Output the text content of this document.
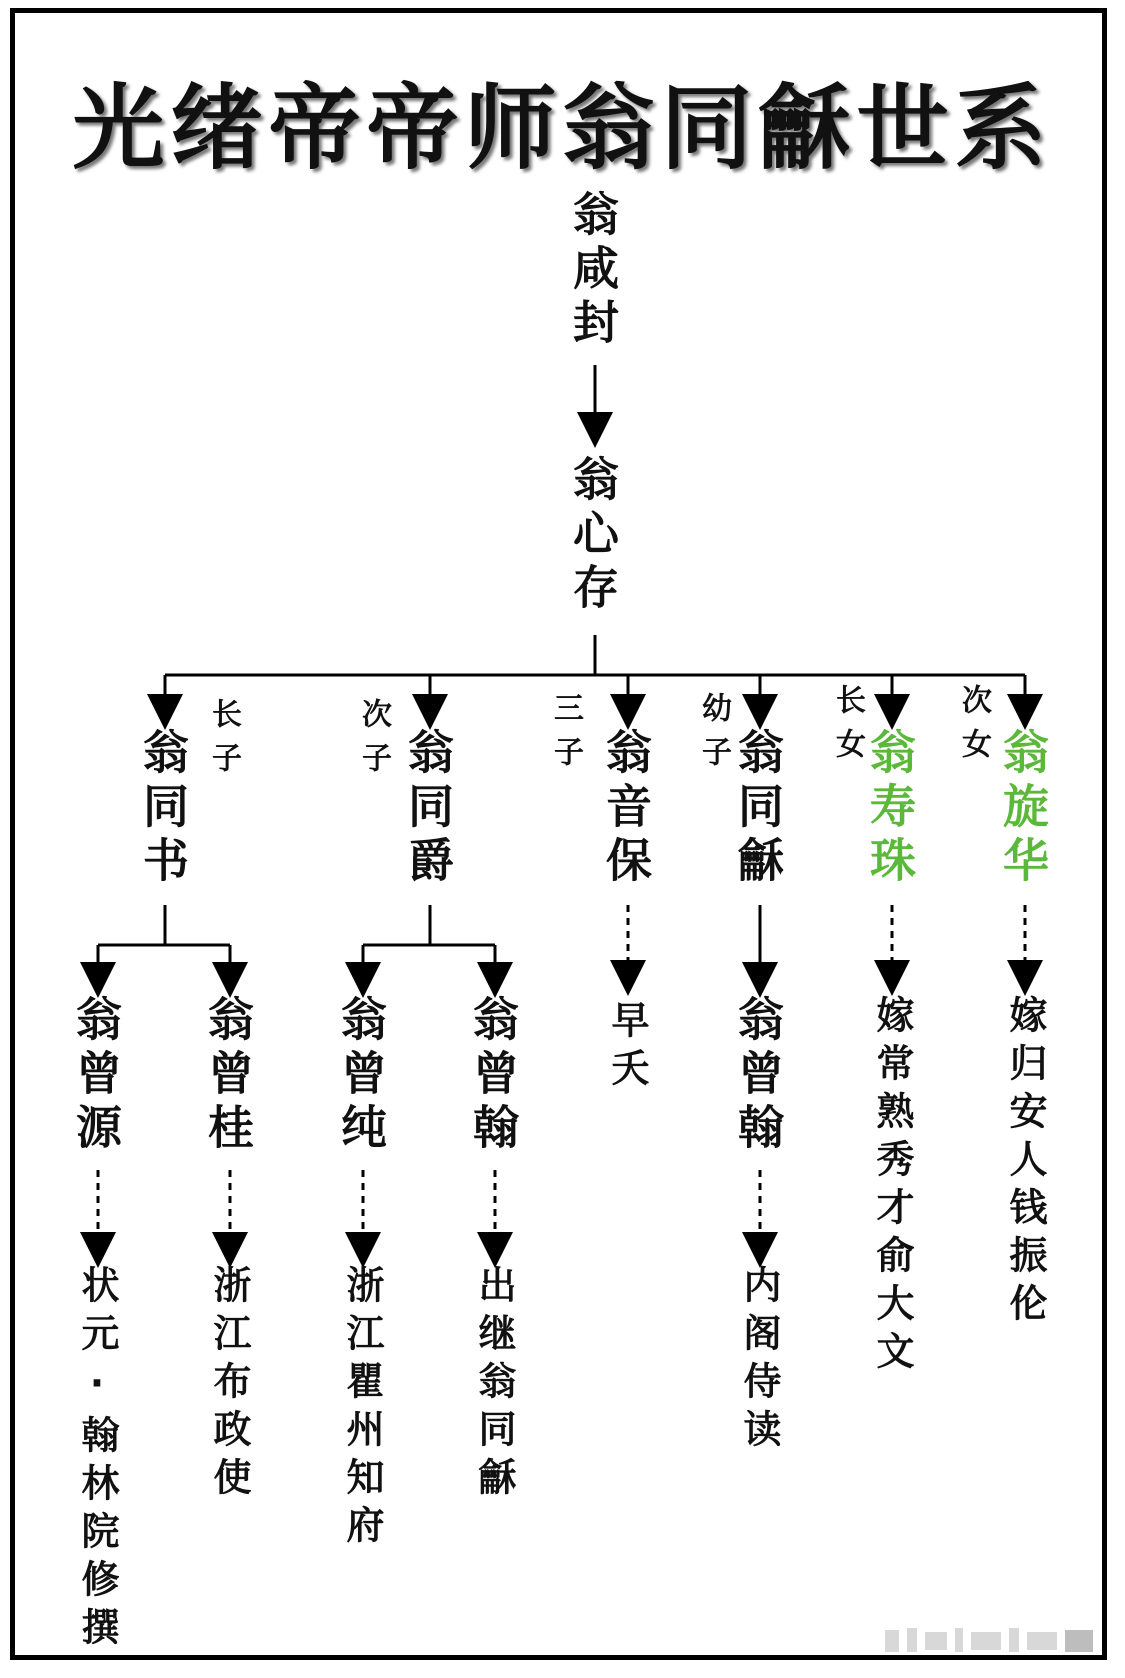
光绪帝帝师翁同龢世系
翁咸封
翁心存
长子	次子	三子	幼子	长女	次女
翁同书	翁同爵	翁音保 翁同龢 翁寿珠 翁旋华
翁曾源 翁曾桂 翁曾纯 翁曾翰	翁曾翰
早夭	嫁常熟秀才俞大文 嫁归安人钱振伦
状元·翰林院修撰 浙江布政使 浙江瞿州知府 出继翁同龢	内阁侍读
